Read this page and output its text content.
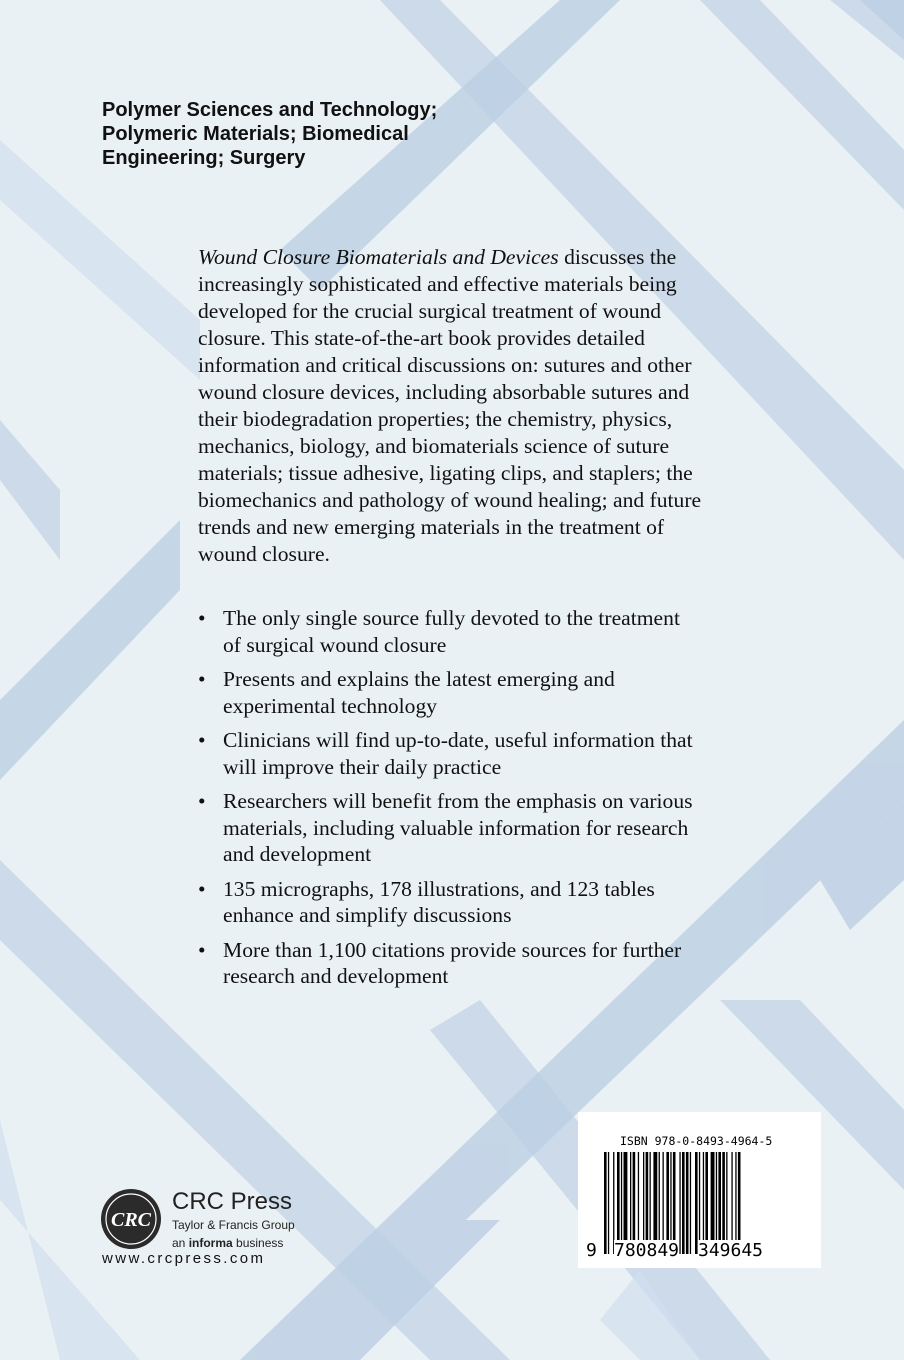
Polymer Sciences and Technology;
Polymeric Materials; Biomedical
Engineering; Surgery
Wound Closure Biomaterials and Devices discusses the
increasingly sophisticated and effective materials being
developed for the crucial surgical treatment of wound
closure. This state-of-the-art book provides detailed
information and critical discussions on: sutures and other
wound closure devices, including absorbable sutures and
their biodegradation properties; the chemistry, physics,
mechanics, biology, and biomaterials science of suture
materials; tissue adhesive, ligating clips, and staplers; the
biomechanics and pathology of wound healing; and future
trends and new emerging materials in the treatment of
wound closure.
• The only single source fully devoted to the treatment
of surgical wound closure
• Presents and explains the latest emerging and
experimental technology
• Clinicians will find up-to-date, useful information that
will improve their daily practice
• Researchers will benefit from the emphasis on various
materials, including valuable information for research
and development
• 135 micrographs, 178 illustrations, and 123 tables
enhance and simplify discussions
• More than 1,100 citations provide sources for further
research and development
CRC
CRC Press
Taylor & Francis Group
an informa business
www.crcpress.com
ISBN 978-0-8493-4964-5
9 780849 349645
